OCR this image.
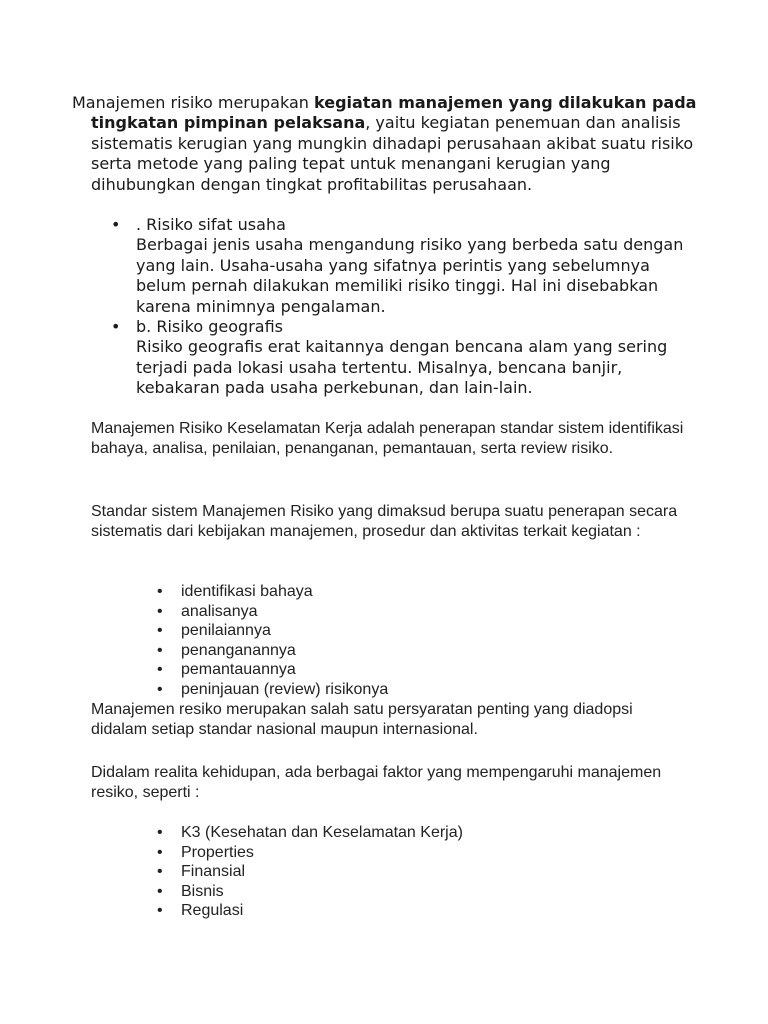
Manajemen risiko merupakan kegiatan manajemen yang dilakukan pada tingkatan pimpinan pelaksana, yaitu kegiatan penemuan dan analisis sistematis kerugian yang mungkin dihadapi perusahaan akibat suatu risiko serta metode yang paling tepat untuk menangani kerugian yang dihubungkan dengan tingkat profitabilitas perusahaan.

• . Risiko sifat usaha
Berbagai jenis usaha mengandung risiko yang berbeda satu dengan yang lain. Usaha-usaha yang sifatnya perintis yang sebelumnya belum pernah dilakukan memiliki risiko tinggi. Hal ini disebabkan karena minimnya pengalaman.
• b. Risiko geografis
Risiko geografis erat kaitannya dengan bencana alam yang sering terjadi pada lokasi usaha tertentu. Misalnya, bencana banjir, kebakaran pada usaha perkebunan, dan lain-lain.

Manajemen Risiko Keselamatan Kerja adalah penerapan standar sistem identifikasi bahaya, analisa, penilaian, penanganan, pemantauan, serta review risiko.

Standar sistem Manajemen Risiko yang dimaksud berupa suatu penerapan secara sistematis dari kebijakan manajemen, prosedur dan aktivitas terkait kegiatan :

• identifikasi bahaya
• analisanya
• penilaiannya
• penanganannya
• pemantauannya
• peninjauan (review) risikonya

Manajemen resiko merupakan salah satu persyaratan penting yang diadopsi didalam setiap standar nasional maupun internasional.

Didalam realita kehidupan, ada berbagai faktor yang mempengaruhi manajemen resiko, seperti :

• K3 (Kesehatan dan Keselamatan Kerja)
• Properties
• Finansial
• Bisnis
• Regulasi
